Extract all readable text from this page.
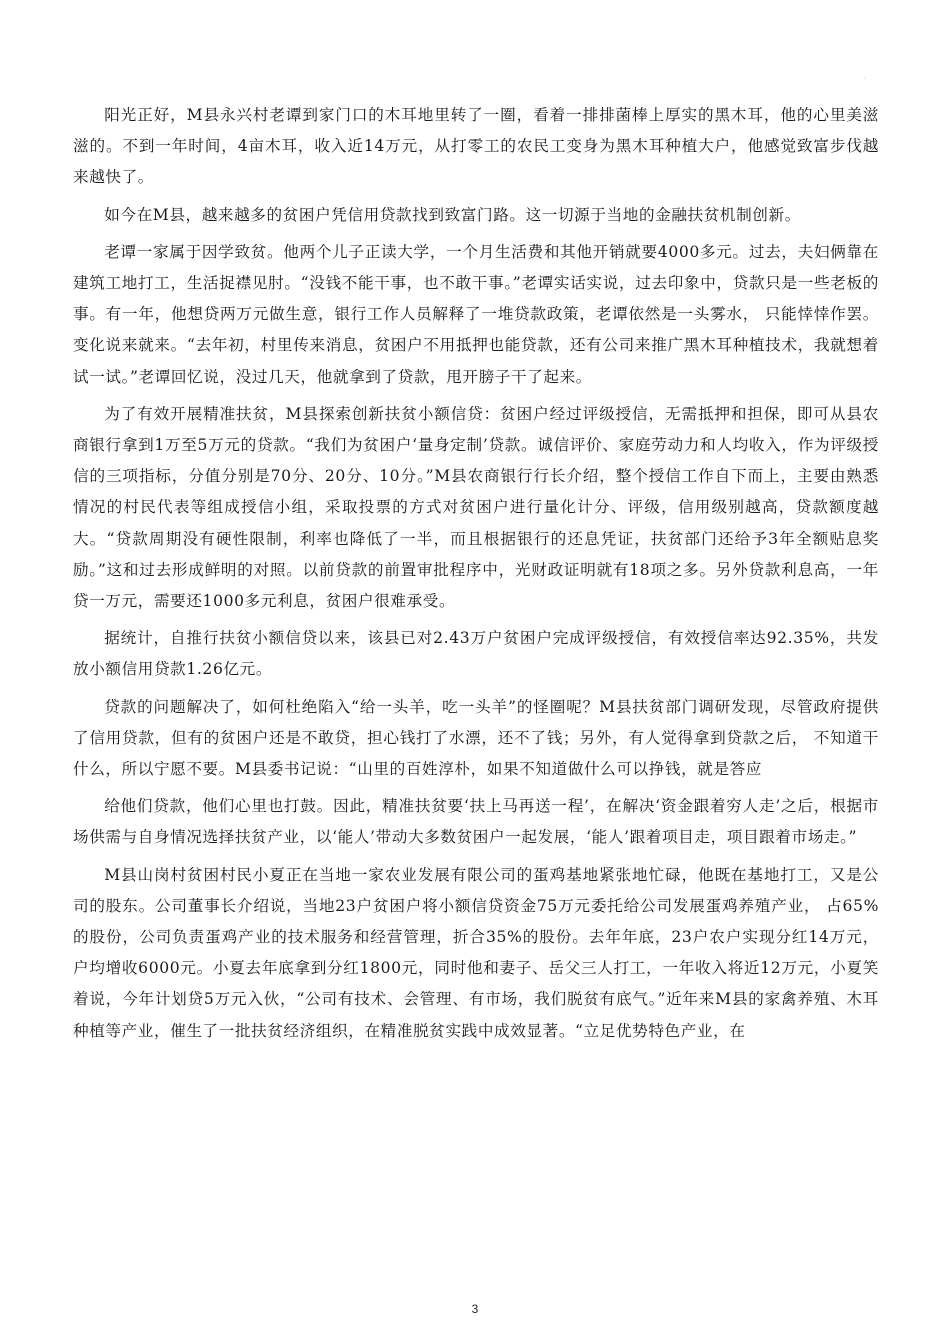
·

阳光正好，M县永兴村老谭到家门口的木耳地里转了一圈，看着一排排菌棒上厚实的黑木耳，他的心里美滋滋的。不到一年时间，4亩木耳，收入近14万元，从打零工的农民工变身为黑木耳种植大户，他感觉致富步伐越来越快了。

如今在M县，越来越多的贫困户凭信用贷款找到致富门路。这一切源于当地的金融扶贫机制创新。

老谭一家属于因学致贫。他两个儿子正读大学，一个月生活费和其他开销就要4000多元。过去，夫妇俩靠在建筑工地打工，生活捉襟见肘。“没钱不能干事，也不敢干事。”老谭实话实说，过去印象中，贷款只是一些老板的事。有一年，他想贷两万元做生意，银行工作人员解释了一堆贷款政策，老谭依然是一头雾水， 只能悻悻作罢。变化说来就来。“去年初，村里传来消息，贫困户不用抵押也能贷款，还有公司来推广黑木耳种植技术，我就想着试一试。”老谭回忆说，没过几天，他就拿到了贷款，甩开膀子干了起来。

为了有效开展精准扶贫，M县探索创新扶贫小额信贷：贫困户经过评级授信，无需抵押和担保，即可从县农商银行拿到1万至5万元的贷款。“我们为贫困户‘量身定制’贷款。诚信评价、家庭劳动力和人均收入，作为评级授信的三项指标，分值分别是70分、20分、10分。”M县农商银行行长介绍，整个授信工作自下而上，主要由熟悉情况的村民代表等组成授信小组，采取投票的方式对贫困户进行量化计分、评级，信用级别越高，贷款额度越大。“贷款周期没有硬性限制，利率也降低了一半，而且根据银行的还息凭证，扶贫部门还给予3年全额贴息奖励。”这和过去形成鲜明的对照。以前贷款的前置审批程序中，光财政证明就有18项之多。另外贷款利息高，一年贷一万元，需要还1000多元利息，贫困户很难承受。

据统计，自推行扶贫小额信贷以来，该县已对2.43万户贫困户完成评级授信，有效授信率达92.35%，共发放小额信用贷款1.26亿元。

贷款的问题解决了，如何杜绝陷入“给一头羊，吃一头羊”的怪圈呢？M县扶贫部门调研发现，尽管政府提供了信用贷款，但有的贫困户还是不敢贷，担心钱打了水漂，还不了钱；另外，有人觉得拿到贷款之后， 不知道干什么，所以宁愿不要。M县委书记说：“山里的百姓淳朴，如果不知道做什么可以挣钱，就是答应

给他们贷款，他们心里也打鼓。因此，精准扶贫要‘扶上马再送一程’，在解决‘资金跟着穷人走’之后，根据市场供需与自身情况选择扶贫产业，以‘能人’带动大多数贫困户一起发展，‘能人’跟着项目走，项目跟着市场走。”

M县山岗村贫困村民小夏正在当地一家农业发展有限公司的蛋鸡基地紧张地忙碌，他既在基地打工，又是公司的股东。公司董事长介绍说，当地23户贫困户将小额信贷资金75万元委托给公司发展蛋鸡养殖产业， 占65%的股份，公司负责蛋鸡产业的技术服务和经营管理，折合35%的股份。去年年底，23户农户实现分红14万元，户均增收6000元。小夏去年底拿到分红1800元，同时他和妻子、岳父三人打工，一年收入将近12万元，小夏笑着说，今年计划贷5万元入伙，“公司有技术、会管理、有市场，我们脱贫有底气。”近年来M县的家禽养殖、木耳种植等产业，催生了一批扶贫经济组织，在精准脱贫实践中成效显著。“立足优势特色产业，在

3
